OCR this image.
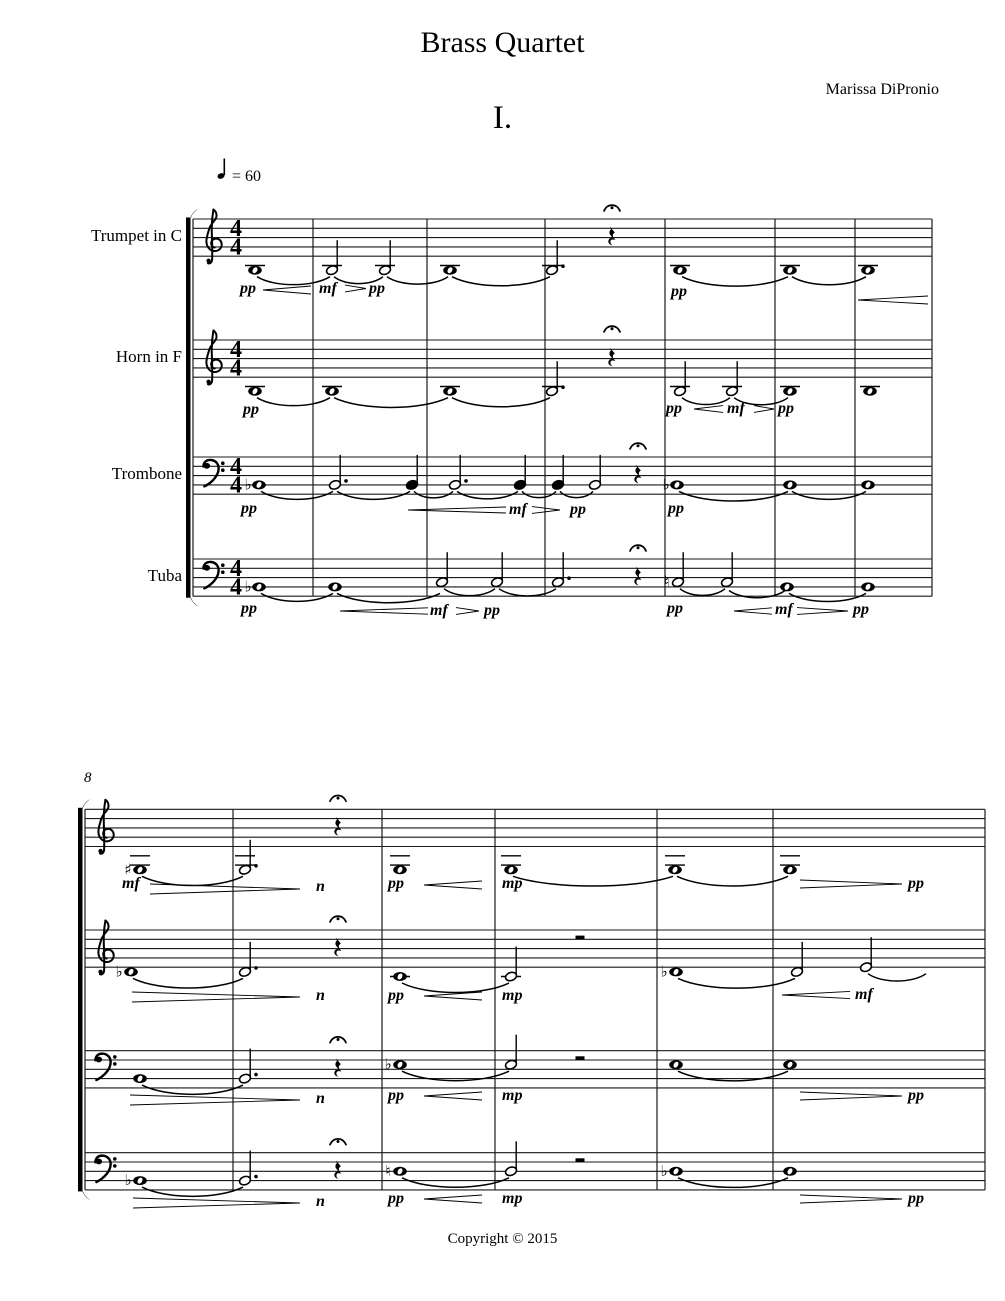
4
4
pp	mf pp	pp
4
4
pp	pp	mf pp
4
4 ♭
pp	mf	pp
♭
pp
4
4 ♭
pp	mf pp
♮
pp	mf	pp
♯
mf	n	pp	mp	pp
♭
n	pp	mp
♭
mf
n
♭
pp	mp	pp
♭
n
♮
pp	mp
♭
pp
= 60
Brass Quartet
Marissa DiPronio
I.
8
Trumpet in C
Horn in F
Trombone
Tuba
Copyright © 2015
